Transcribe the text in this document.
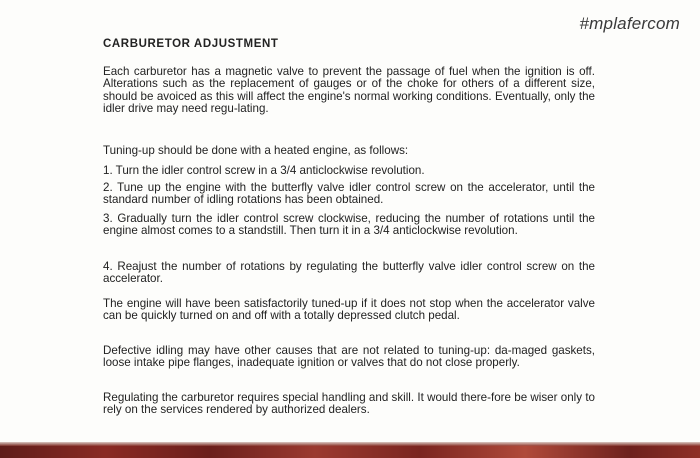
#mplafercom
CARBURETOR ADJUSTMENT

Each carburetor has a magnetic valve to prevent the passage of fuel when the ignition is off. Alterations such as the replacement of gauges or of the choke for others of a different size, should be avoiced as this will affect the engine's normal working conditions. Eventually, only the idler drive may need regu-lating.

Tuning-up should be done with a heated engine, as follows:

1. Turn the idler control screw in a 3/4 anticlockwise revolution.

2. Tune up the engine with the butterfly valve idler control screw on the accelerator, until the standard number of idling rotations has been obtained.

3. Gradually turn the idler control screw clockwise, reducing the number of rotations until the engine almost comes to a standstill. Then turn it in a 3/4 anticlockwise revolution.

4. Reajust the number of rotations by regulating the butterfly valve idler control screw on the accelerator.

The engine will have been satisfactorily tuned-up if it does not stop when the accelerator valve can be quickly turned on and off with a totally depressed clutch pedal.

Defective idling may have other causes that are not related to tuning-up: da-maged gaskets, loose intake pipe flanges, inadequate ignition or valves that do not close properly.

Regulating the carburetor requires special handling and skill. It would there-fore be wiser only to rely on the services rendered by authorized dealers.
